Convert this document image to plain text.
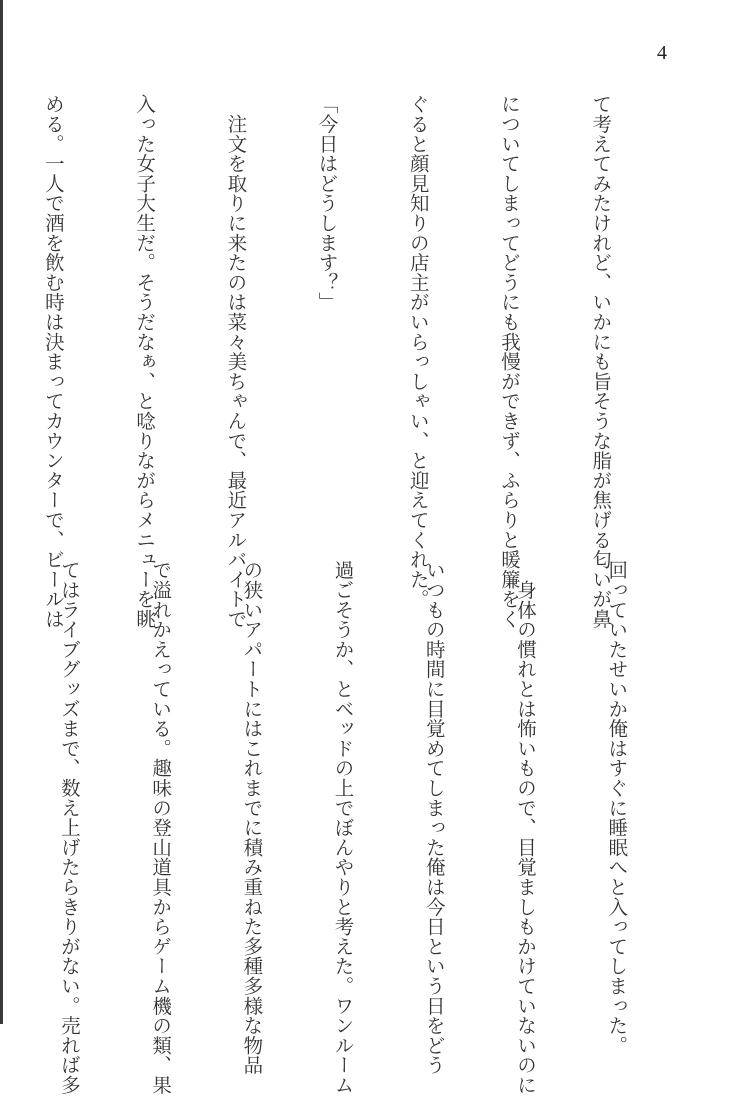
4

て考えてみたけれど、いかにも旨そうな脂が焦げる匂いが鼻

についてしまってどうにも我慢ができず、ふらりと暖簾をく

ぐると顔見知りの店主がいらっしゃい、と迎えてくれた。

「今日はどうします？」

　注文を取りに来たのは菜々美ちゃんで、最近アルバイトで

入った女子大生だ。そうだなぁ、と唸りながらメニューを眺

める。一人で酒を飲む時は決まってカウンターで、ビールは

回っていたせいか俺はすぐに睡眠へと入ってしまった。

　身体の慣れとは怖いもので、目覚ましもかけていないのに

いつもの時間に目覚めてしまった俺は今日という日をどう

過ごそうか、とベッドの上でぼんやりと考えた。ワンルーム

の狭いアパートにはこれまでに積み重ねた多種多様な物品

で溢れかえっている。趣味の登山道具からゲーム機の類、果

てはライブグッズまで、数え上げたらきりがない。売れば多
